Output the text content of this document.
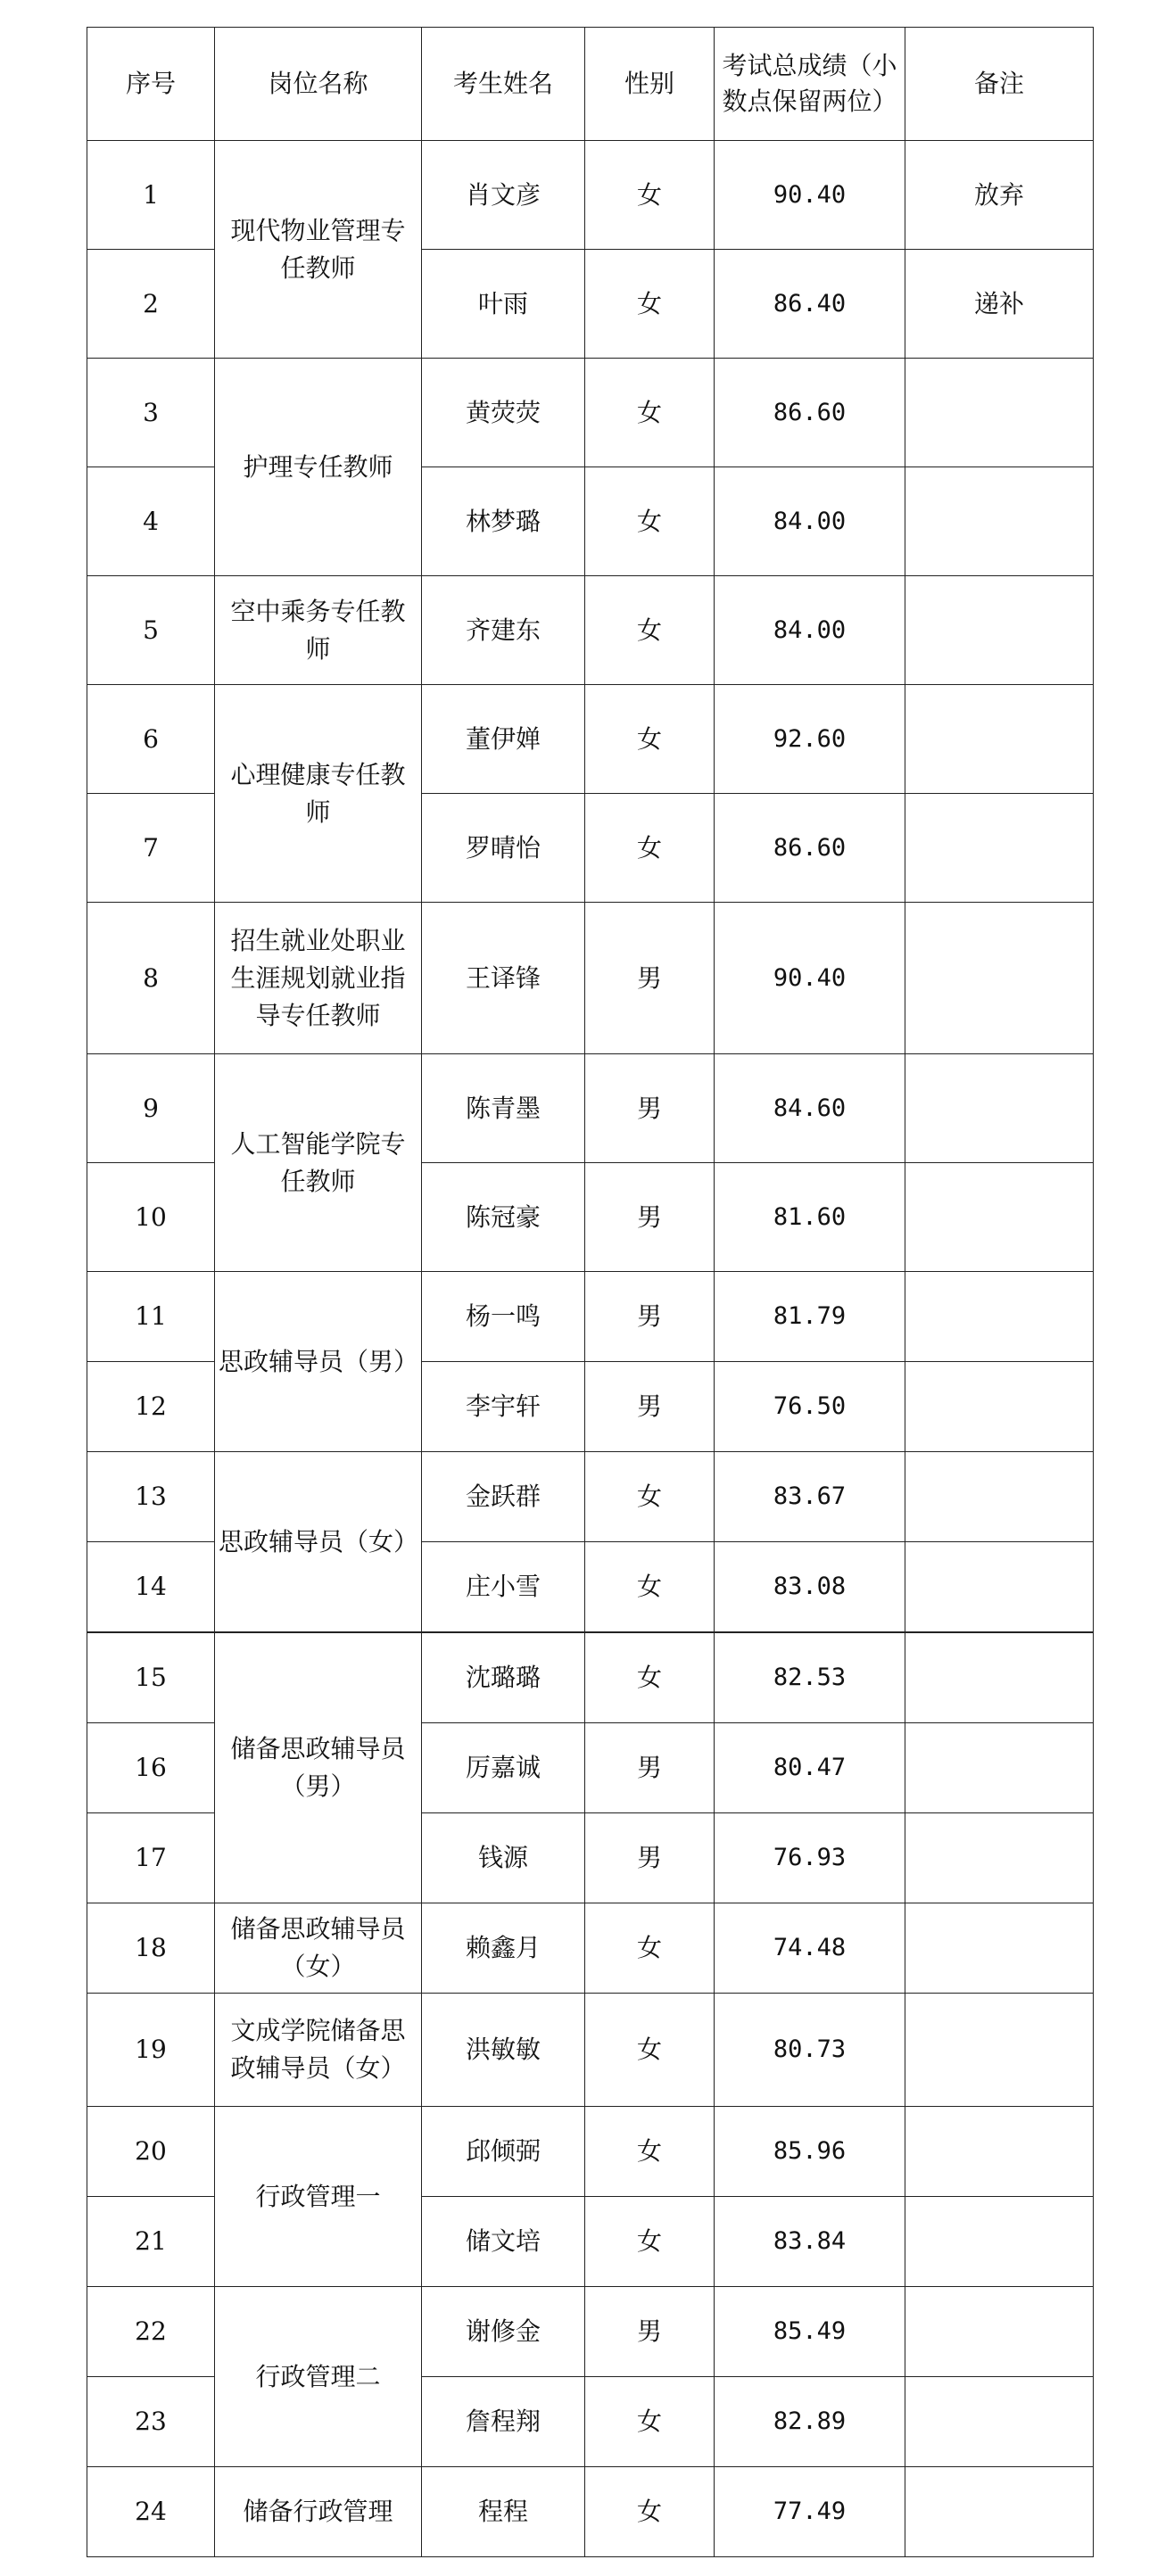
序号	岗位名称	考生姓名	性别	考试总成绩（小数点保留两位）	备注
1	现代物业管理专任教师	肖文彦	女	90.40	放弃
2		叶雨	女	86.40	递补
3	护理专任教师	黄荧荧	女	86.60	
4		林梦璐	女	84.00	
5	空中乘务专任教师	齐建东	女	84.00	
6	心理健康专任教师	董伊婵	女	92.60	
7		罗晴怡	女	86.60	
8	招生就业处职业生涯规划就业指导专任教师	王译锋	男	90.40	
9	人工智能学院专任教师	陈青墨	男	84.60	
10		陈冠豪	男	81.60	
11	思政辅导员（男）	杨一鸣	男	81.79	
12		李宇轩	男	76.50	
13	思政辅导员（女）	金跃群	女	83.67	
14		庄小雪	女	83.08	
15	储备思政辅导员（男）	沈璐璐	女	82.53	
16		厉嘉诚	男	80.47	
17		钱源	男	76.93	
18	储备思政辅导员（女）	赖鑫月	女	74.48	
19	文成学院储备思政辅导员（女）	洪敏敏	女	80.73	
20	行政管理一	邱倾弼	女	85.96	
21		储文培	女	83.84	
22	行政管理二	谢修金	男	85.49	
23		詹程翔	女	82.89	
24	储备行政管理	程程	女	77.49	
